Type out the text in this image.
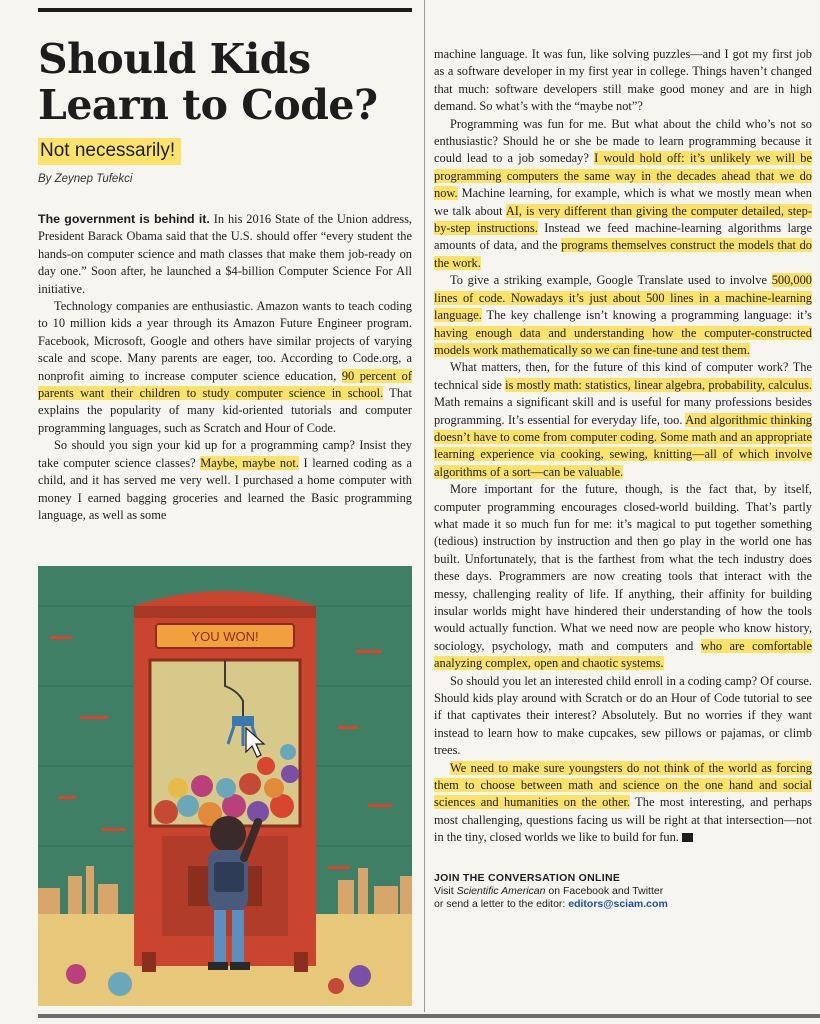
Should Kids Learn to Code?
Not necessarily!
By Zeynep Tufekci

The government is behind it. In his 2016 State of the Union address, President Barack Obama said that the U.S. should offer “every student the hands-on computer science and math classes that make them job-ready on day one.” Soon after, he launched a $4-billion Computer Science For All initiative.

Technology companies are enthusiastic. Amazon wants to teach coding to 10 million kids a year through its Amazon Future Engineer program. Facebook, Microsoft, Google and others have similar projects of varying scale and scope. Many parents are eager, too. According to Code.org, a nonprofit aiming to increase computer science education, 90 percent of parents want their children to study computer science in school. That explains the popularity of many kid-oriented tutorials and computer programming languages, such as Scratch and Hour of Code.

So should you sign your kid up for a programming camp? Insist they take computer science classes? Maybe, maybe not. I learned coding as a child, and it has served me very well. I purchased a home computer with money I earned bagging groceries and learned the Basic programming language, as well as some

YOU WON!

machine language. It was fun, like solving puzzles—and I got my first job as a software developer in my first year in college. Things haven’t changed that much: software developers still make good money and are in high demand. So what’s with the “maybe not”?

Programming was fun for me. But what about the child who’s not so enthusiastic? Should he or she be made to learn programming because it could lead to a job someday? I would hold off: it’s unlikely we will be programming computers the same way in the decades ahead that we do now. Machine learning, for example, which is what we mostly mean when we talk about AI, is very different than giving the computer detailed, step-by-step instructions. Instead we feed machine-learning algorithms large amounts of data, and the programs themselves construct the models that do the work.

To give a striking example, Google Translate used to involve 500,000 lines of code. Nowadays it’s just about 500 lines in a machine-learning language. The key challenge isn’t knowing a programming language: it’s having enough data and understanding how the computer-constructed models work mathematically so we can fine-tune and test them.

What matters, then, for the future of this kind of computer work? The technical side is mostly math: statistics, linear algebra, probability, calculus. Math remains a significant skill and is useful for many professions besides programming. It’s essential for everyday life, too. And algorithmic thinking doesn’t have to come from computer coding. Some math and an appropriate learning experience via cooking, sewing, knitting—all of which involve algorithms of a sort—can be valuable.

More important for the future, though, is the fact that, by itself, computer programming encourages closed-world building. That’s partly what made it so much fun for me: it’s magical to put together something (tedious) instruction by instruction and then go play in the world one has built. Unfortunately, that is the farthest from what the tech industry does these days. Programmers are now creating tools that interact with the messy, challenging reality of life. If anything, their affinity for building insular worlds might have hindered their understanding of how the tools would actually function. What we need now are people who know history, sociology, psychology, math and computers and who are comfortable analyzing complex, open and chaotic systems.

So should you let an interested child enroll in a coding camp? Of course. Should kids play around with Scratch or do an Hour of Code tutorial to see if that captivates their interest? Absolutely. But no worries if they want instead to learn how to make cupcakes, sew pillows or pajamas, or climb trees.

We need to make sure youngsters do not think of the world as forcing them to choose between math and science on the one hand and social sciences and humanities on the other. The most interesting, and perhaps most challenging, questions facing us will be right at that intersection—not in the tiny, closed worlds we like to build for fun.

JOIN THE CONVERSATION ONLINE
Visit Scientific American on Facebook and Twitter
or send a letter to the editor: editors@sciam.com
